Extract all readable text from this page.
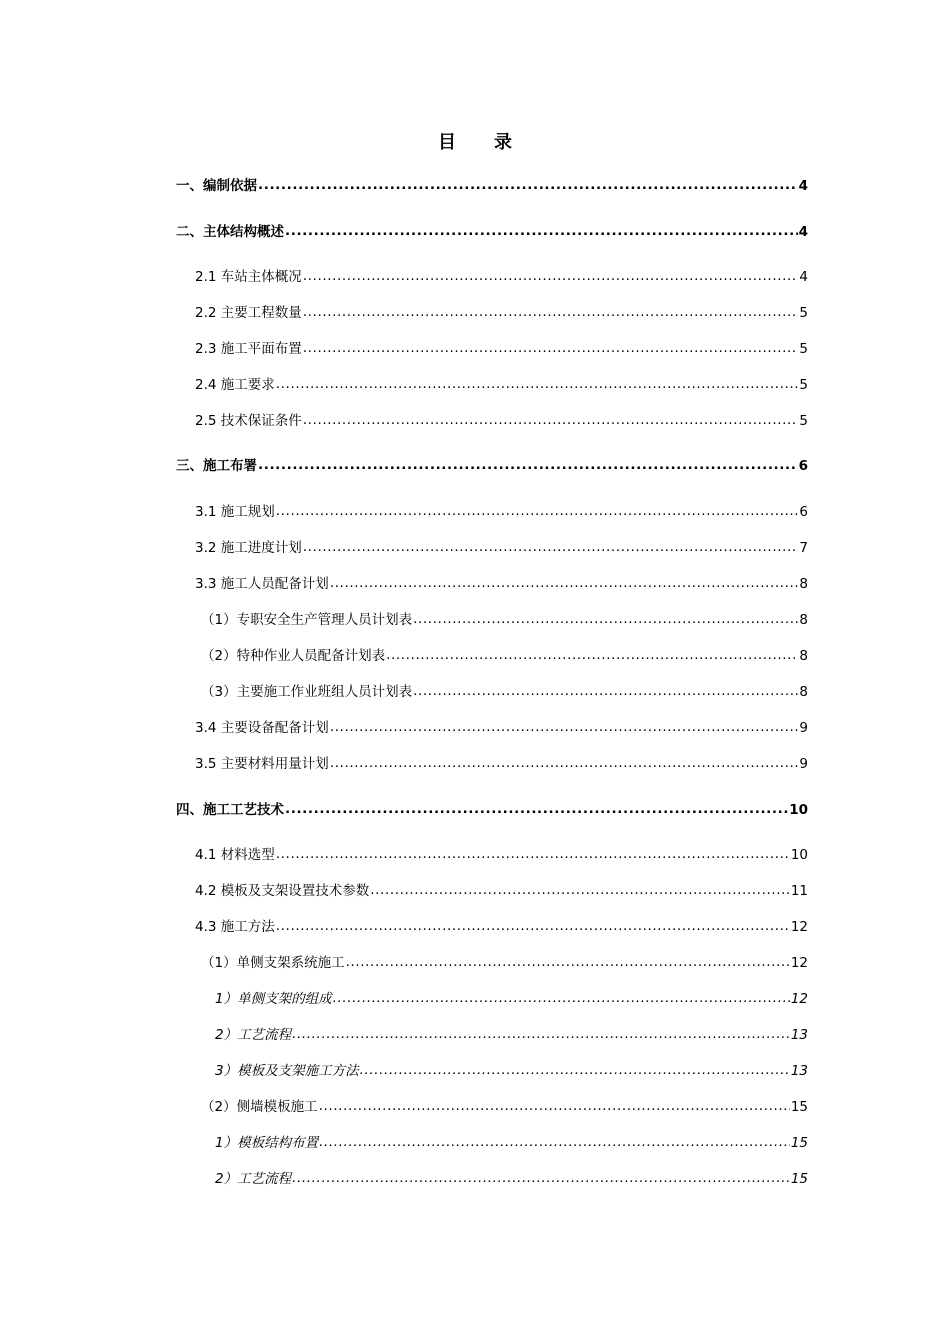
目 录
一、编制依据 .....	4
二、主体结构概述 .....	4
2.1 车站主体概况 .....	4
2.2 主要工程数量 .....	5
2.3 施工平面布置 .....	5
2.4 施工要求 .....	5
2.5 技术保证条件 .....	5
三、施工布署 .....	6
3.1 施工规划 .....	6
3.2 施工进度计划 .....	7
3.3 施工人员配备计划 .....	8
（1）专职安全生产管理人员计划表 .....	8
（2）特种作业人员配备计划表 .....	8
（3）主要施工作业班组人员计划表 .....	8
3.4 主要设备配备计划 .....	9
3.5 主要材料用量计划 .....	9
四、施工工艺技术 .....	10
4.1 材料选型 .....	10
4.2 模板及支架设置技术参数 .....	11
4.3 施工方法 .....	12
（1）单侧支架系统施工 .....	12
1）单侧支架的组成 .....	12
2）工艺流程 .....	13
3）模板及支架施工方法 .....	13
（2）侧墙模板施工 .....	15
1）模板结构布置 .....	15
2）工艺流程 .....	15
